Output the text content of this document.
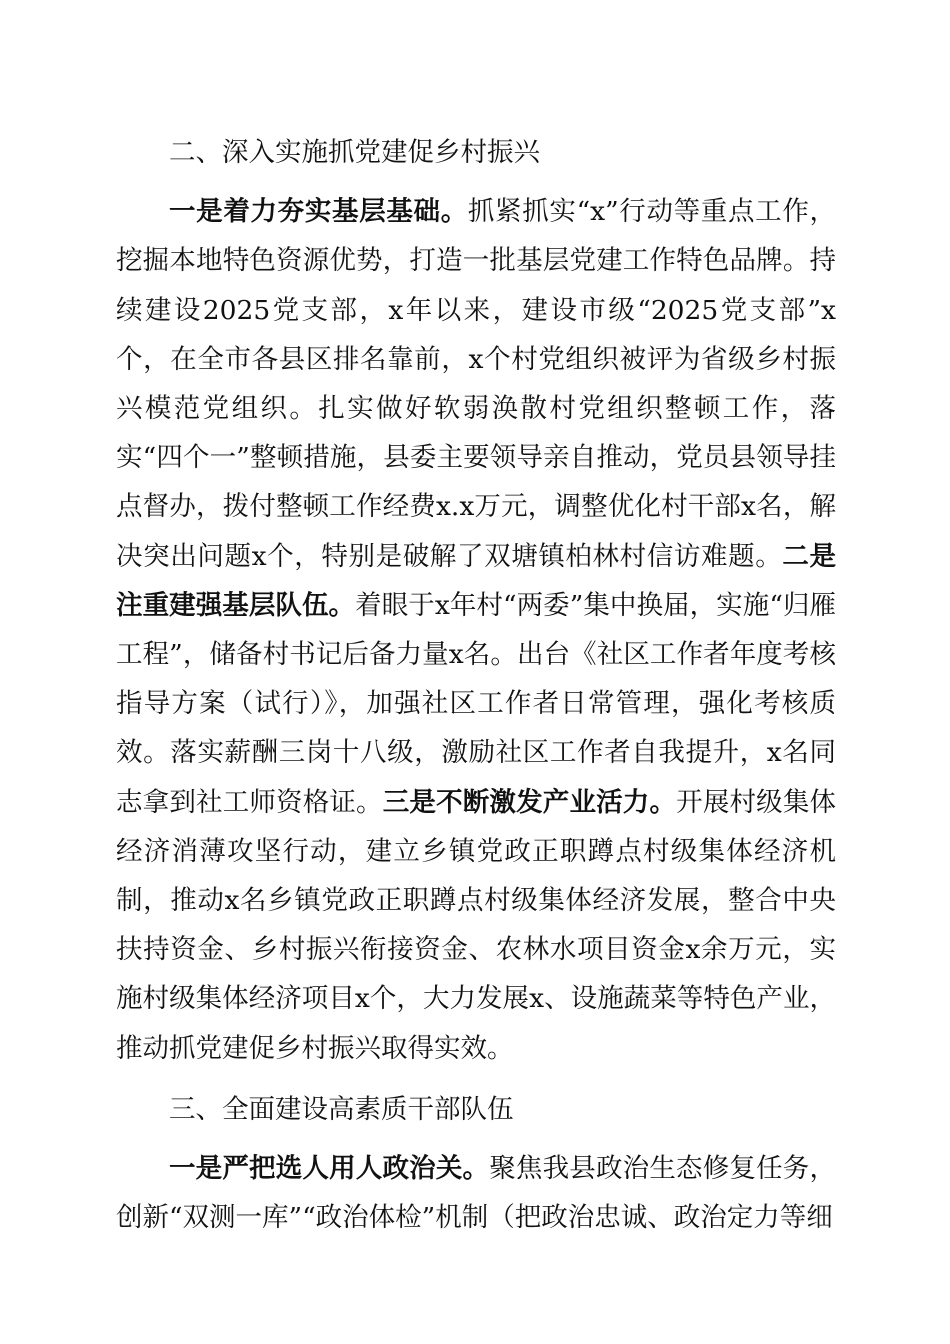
二、深入实施抓党建促乡村振兴

一是着力夯实基层基础。抓紧抓实“x”行动等重点工作，挖掘本地特色资源优势，打造一批基层党建工作特色品牌。持续建设2025党支部，x年以来，建设市级“2025党支部”x个，在全市各县区排名靠前，x个村党组织被评为省级乡村振兴模范党组织。扎实做好软弱涣散村党组织整顿工作，落实“四个一”整顿措施，县委主要领导亲自推动，党员县领导挂点督办，拨付整顿工作经费x.x万元，调整优化村干部x名，解决突出问题x个，特别是破解了双塘镇柏林村信访难题。二是注重建强基层队伍。着眼于x年村“两委”集中换届，实施“归雁工程”，储备村书记后备力量x名。出台《社区工作者年度考核指导方案（试行）》，加强社区工作者日常管理，强化考核质效。落实薪酬三岗十八级，激励社区工作者自我提升，x名同志拿到社工师资格证。三是不断激发产业活力。开展村级集体经济消薄攻坚行动，建立乡镇党政正职蹲点村级集体经济机制，推动x名乡镇党政正职蹲点村级集体经济发展，整合中央扶持资金、乡村振兴衔接资金、农林水项目资金x余万元，实施村级集体经济项目x个，大力发展x、设施蔬菜等特色产业，推动抓党建促乡村振兴取得实效。

三、全面建设高素质干部队伍

一是严把选人用人政治关。聚焦我县政治生态修复任务，创新“双测一库”“政治体检”机制（把政治忠诚、政治定力等细
